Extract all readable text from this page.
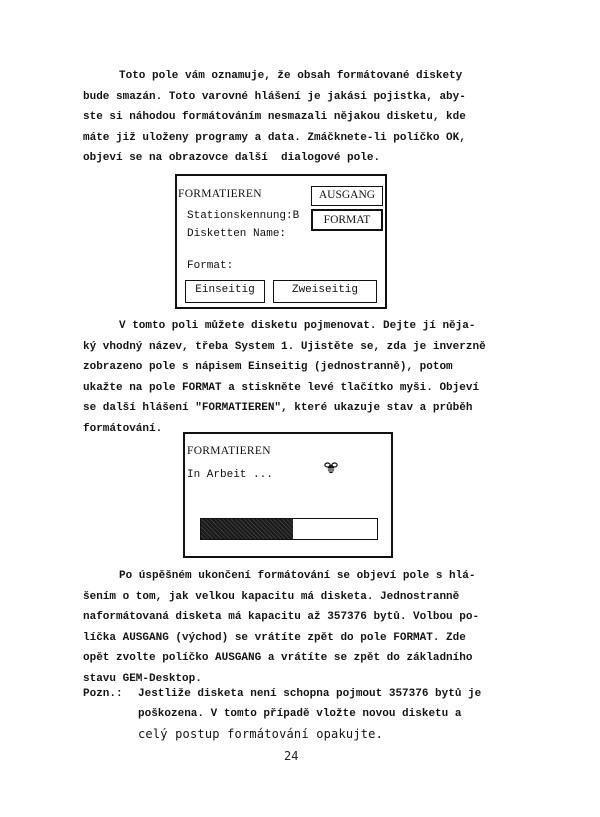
Toto pole vám oznamuje, že obsah formátované diskety
bude smazán. Toto varovné hlášení je jakási pojistka, aby-
ste si náhodou formátováním nesmazali nějakou disketu, kde
máte již uloženy programy a data. Zmáčknete-li políčko OK,
objeví se na obrazovce další  dialogové pole.
FORMATIEREN
Stationskennung:B
Disketten Name:
Format:
AUSGANG
FORMAT
Einseitig	Zweiseitig
V tomto poli můžete disketu pojmenovat. Dejte jí něja-
ký vhodný název, třeba System 1. Ujistěte se, zda je inverzně
zobrazeno pole s nápisem Einseitig (jednostranně), potom
ukažte na pole FORMAT a stiskněte levé tlačítko myši. Objeví
se další hlášení "FORMATIEREN", které ukazuje stav a průběh
formátování.
FORMATIEREN
In Arbeit ...
Po úspěšném ukončení formátování se objeví pole s hlá-
šením o tom, jak velkou kapacitu má disketa. Jednostranně
naformátovaná disketa má kapacitu až 357376 bytů. Volbou po-
líčka AUSGANG (východ) se vrátíte zpět do pole FORMAT. Zde
opět zvolte políčko AUSGANG a vrátíte se zpět do základního
stavu GEM-Desktop.
Pozn.: Jestliže disketa není schopna pojmout 357376 bytů je
poškozena. V tomto případě vložte novou disketu a
celý postup formátování opakujte.
24
